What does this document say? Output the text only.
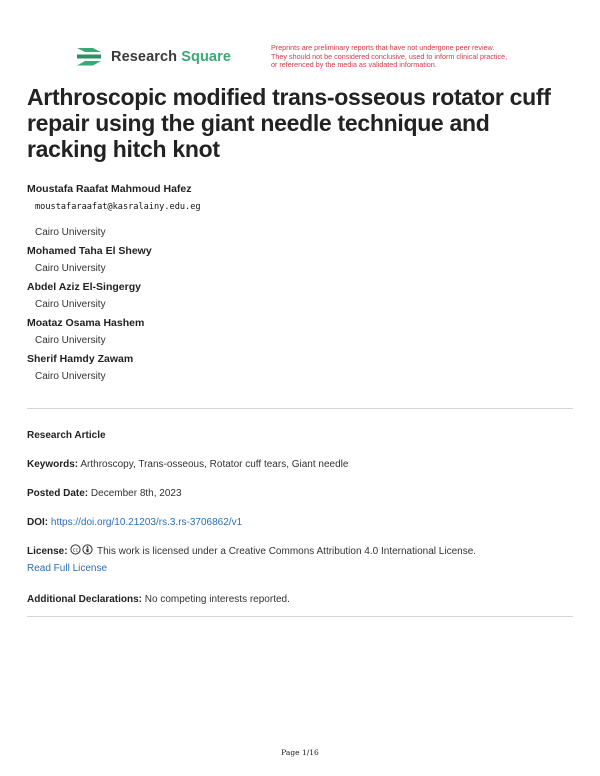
Research Square
Preprints are preliminary reports that have not undergone peer review.
They should not be considered conclusive, used to inform clinical practice,
or referenced by the media as validated information.
Arthroscopic modified trans-osseous rotator cuff repair using the giant needle technique and racking hitch knot
Moustafa Raafat Mahmoud Hafez
moustafaraafat@kasralainy.edu.eg
Cairo University
Mohamed Taha El Shewy
Cairo University
Abdel Aziz El-Singergy
Cairo University
Moataz Osama Hashem
Cairo University
Sherif Hamdy Zawam
Cairo University
Research Article
Keywords: Arthroscopy, Trans-osseous, Rotator cuff tears, Giant needle
Posted Date: December 8th, 2023
DOI: https://doi.org/10.21203/rs.3.rs-3706862/v1
License: cc This work is licensed under a Creative Commons Attribution 4.0 International License.
Read Full License
Additional Declarations: No competing interests reported.
Page 1/16
